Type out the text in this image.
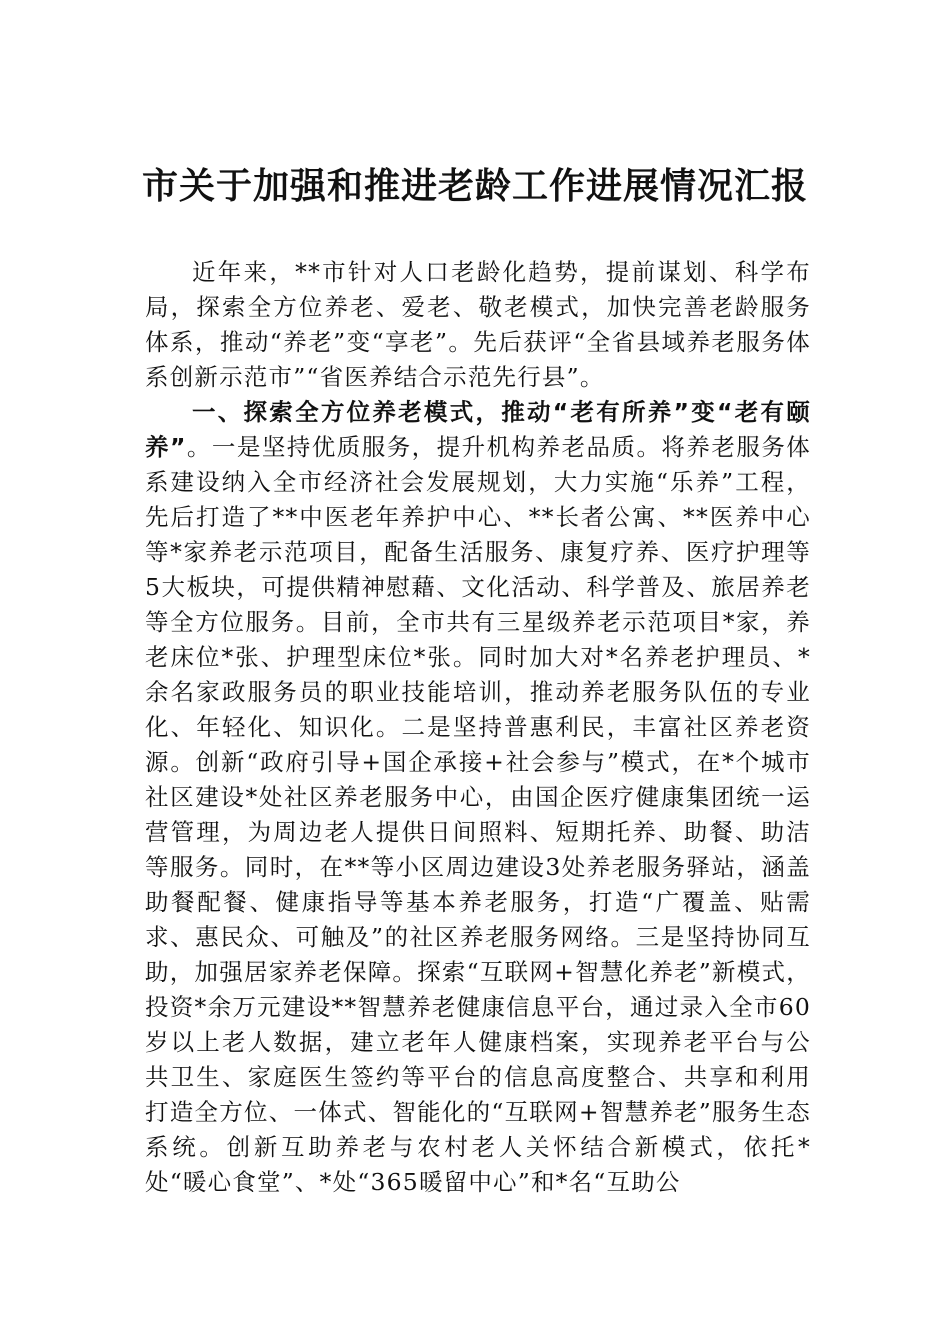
市关于加强和推进老龄工作进展情况汇报

近年来，**市针对人口老龄化趋势，提前谋划、科学布局，探索全方位养老、爱老、敬老模式，加快完善老龄服务体系，推动“养老”变“享老”。先后获评“全省县域养老服务体系创新示范市”“省医养结合示范先行县”。

一、探索全方位养老模式，推动“老有所养”变“老有颐养”。一是坚持优质服务，提升机构养老品质。将养老服务体系建设纳入全市经济社会发展规划，大力实施“乐养”工程，先后打造了**中医老年养护中心、**长者公寓、**医养中心等*家养老示范项目，配备生活服务、康复疗养、医疗护理等5大板块，可提供精神慰藉、文化活动、科学普及、旅居养老等全方位服务。目前，全市共有三星级养老示范项目*家，养老床位*张、护理型床位*张。同时加大对*名养老护理员、*余名家政服务员的职业技能培训，推动养老服务队伍的专业化、年轻化、知识化。二是坚持普惠利民，丰富社区养老资源。创新“政府引导+国企承接+社会参与”模式，在*个城市社区建设*处社区养老服务中心，由国企医疗健康集团统一运营管理，为周边老人提供日间照料、短期托养、助餐、助洁等服务。同时，在**等小区周边建设3处养老服务驿站，涵盖助餐配餐、健康指导等基本养老服务，打造“广覆盖、贴需求、惠民众、可触及”的社区养老服务网络。三是坚持协同互助，加强居家养老保障。探索“互联网+智慧化养老”新模式，投资*余万元建设**智慧养老健康信息平台，通过录入全市60岁以上老人数据，建立老年人健康档案，实现养老平台与公共卫生、家庭医生签约等平台的信息高度整合、共享和利用打造全方位、一体式、智能化的“互联网+智慧养老”服务生态系统。创新互助养老与农村老人关怀结合新模式，依托*处“暖心食堂”、*处“365暖留中心”和*名“互助公
